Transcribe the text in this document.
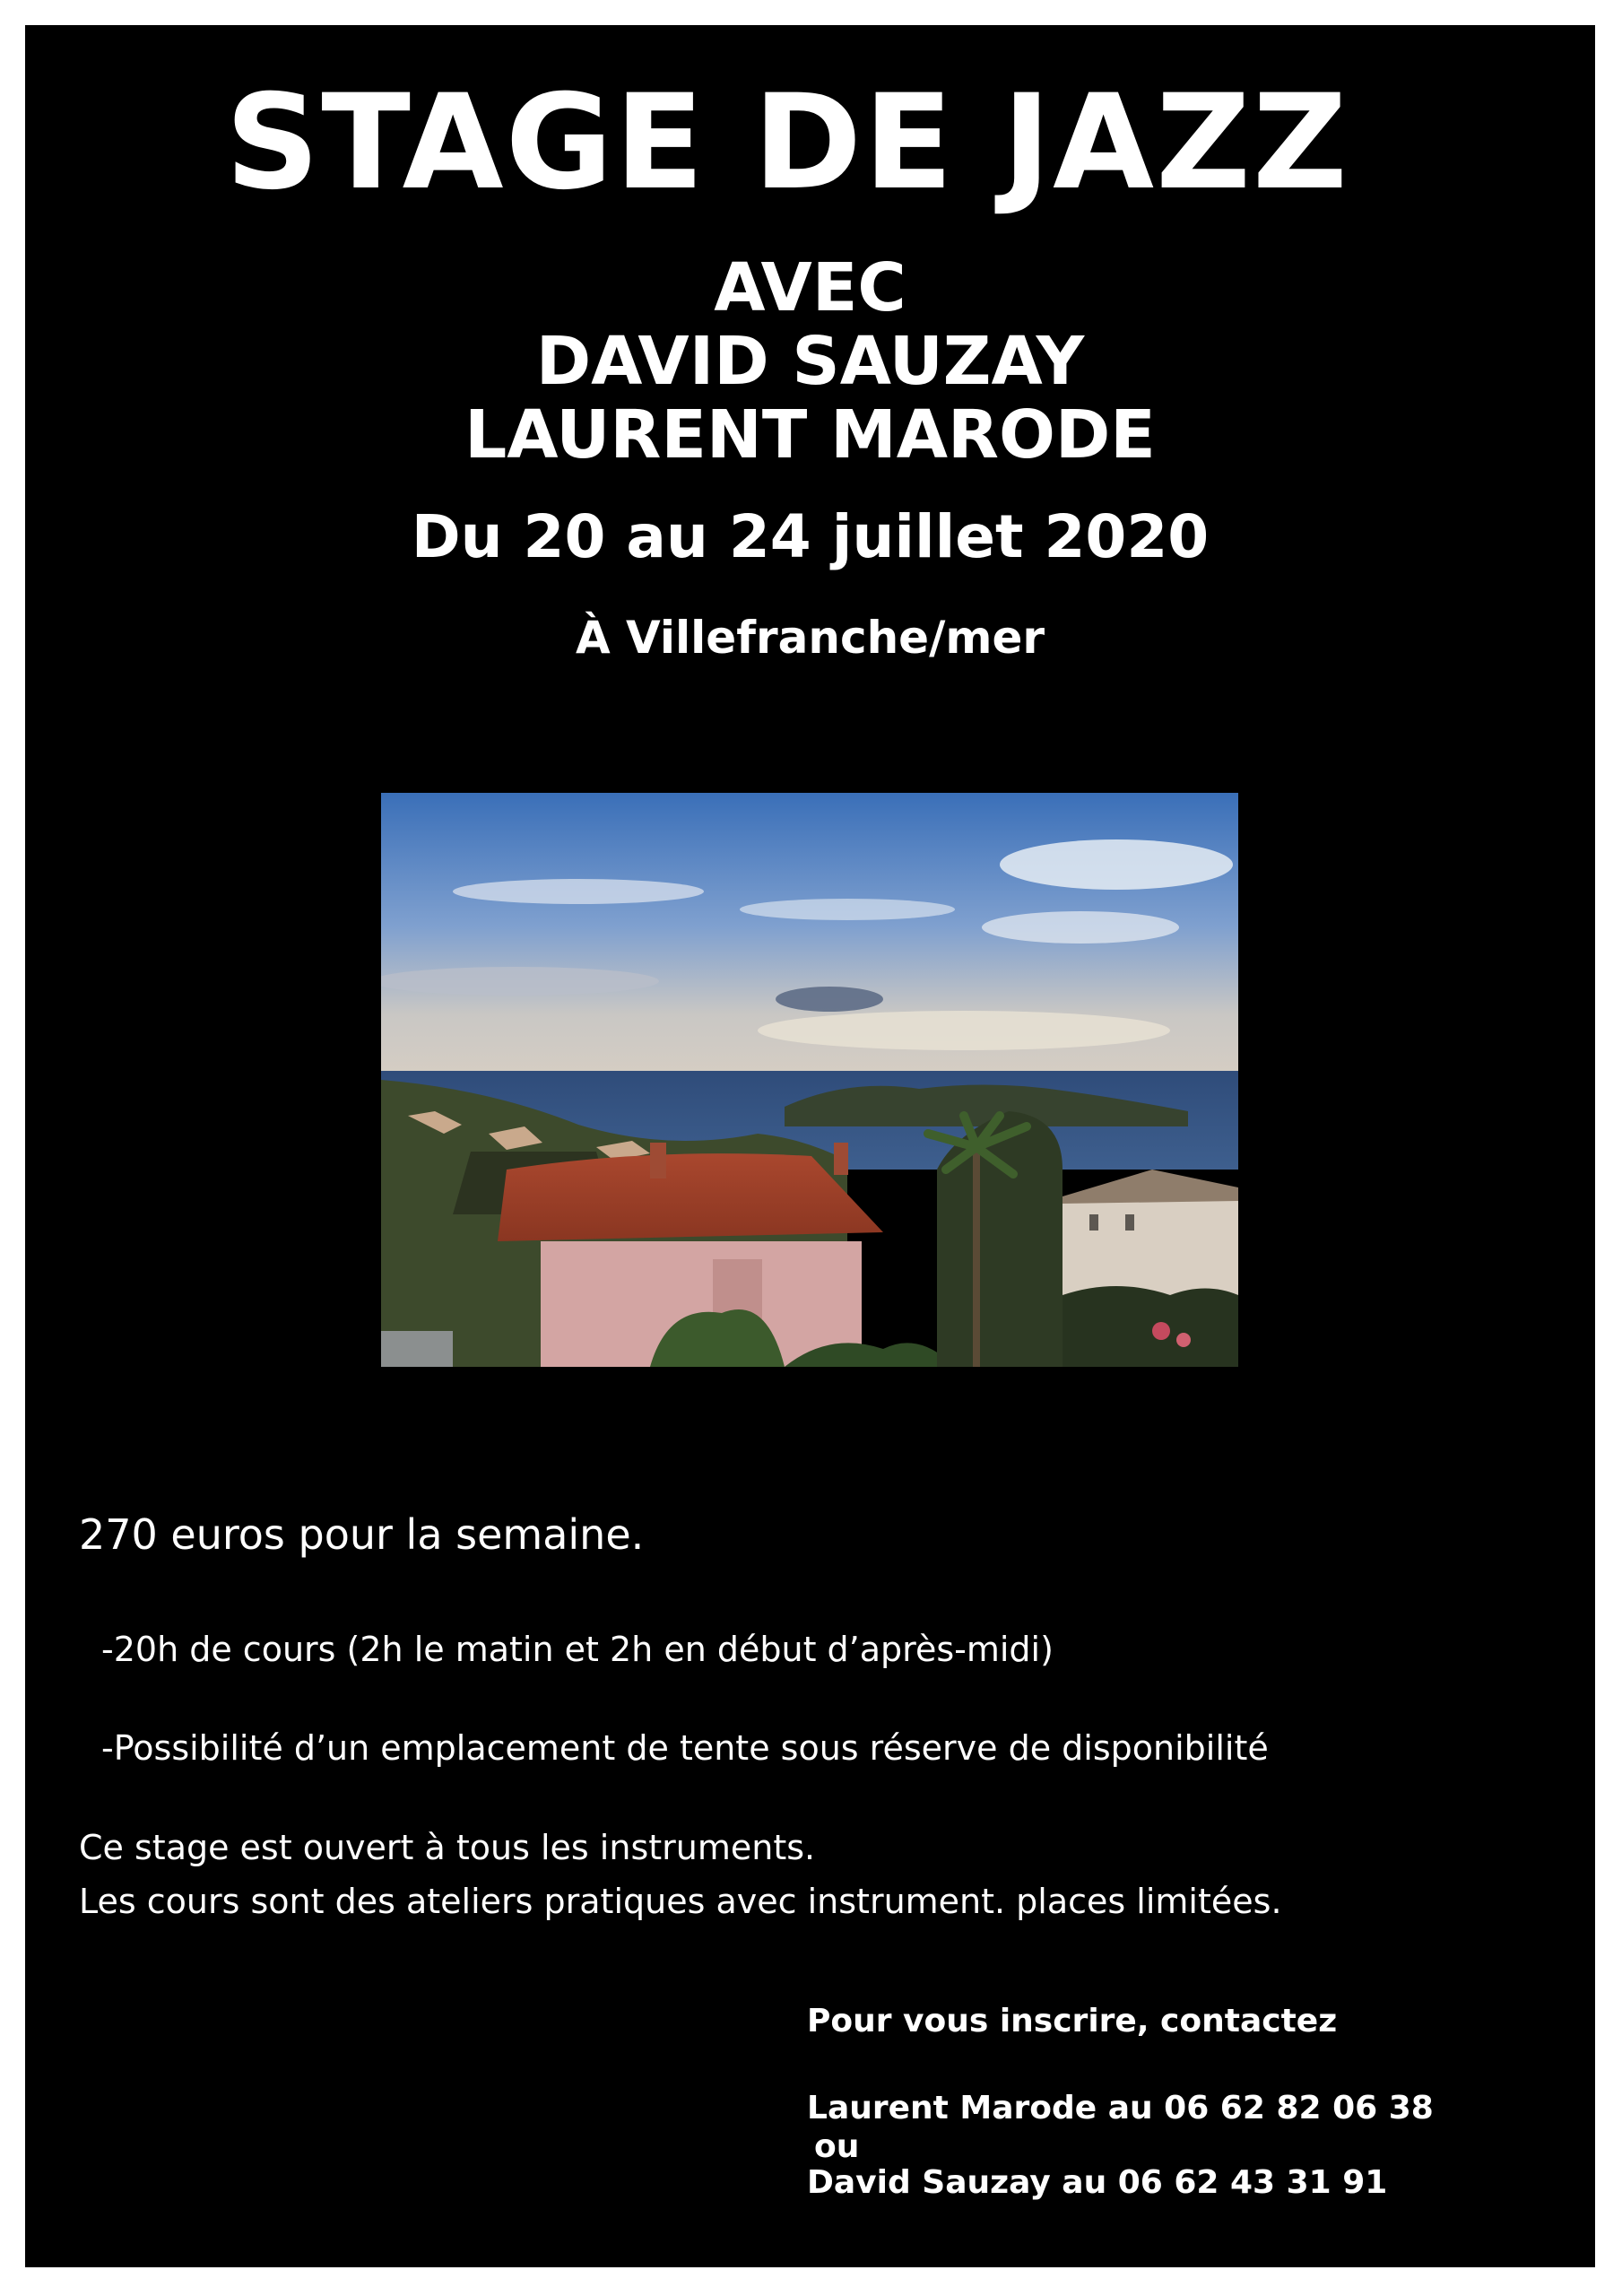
STAGE DE JAZZ
AVEC
DAVID SAUZAY
LAURENT MARODE
Du 20 au 24 juillet 2020
À Villefranche/mer

270 euros pour la semaine.

-20h de cours (2h le matin et 2h en début d’après-midi)

-Possibilité d’un emplacement de tente sous réserve de disponibilité

Ce stage est ouvert à tous les instruments.

Les cours sont des ateliers pratiques avec instrument. places limitées.

Pour vous inscrire, contactez

Laurent Marode au 06 62 82 06 38

ou

David Sauzay au 06 62 43 31 91
